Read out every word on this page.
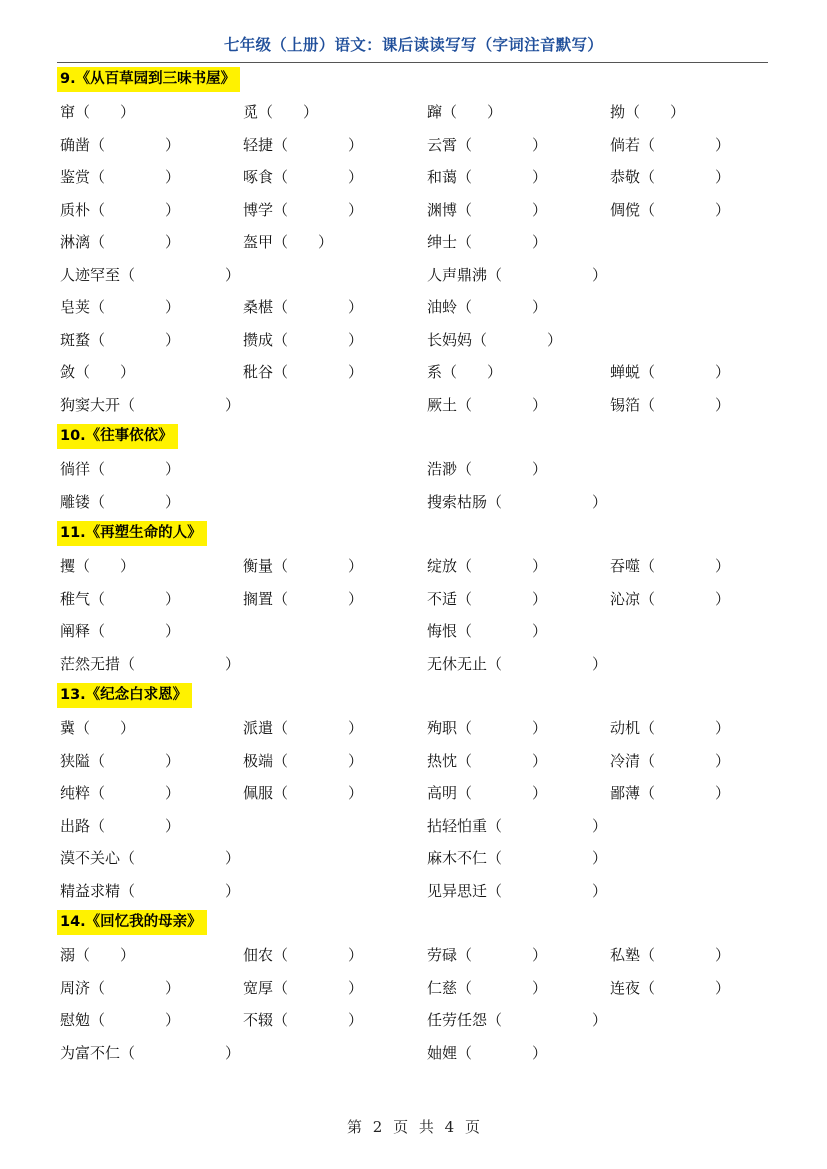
七年级（上册）语文：课后读读写写（字词注音默写）
9.《从百草园到三味书屋》
窜（　　 ）	觅（　　 ）	蹿（　　 ）	拗（　　 ）
确凿（　　　　	）	轻捷（　　　　	）	云霄（　　　　	）	倘若（　　　　	）
鉴赏（　　　　	）	啄食（　　　　	）	和蔼（　　　　	）	恭敬（　　　　	）
质朴（　　　　	）	博学（　　　　	）	渊博（　　　　	）	倜傥（　　　　	）
淋漓（　　　　	）	盔甲（　　 ）	绅士（　　　　	）
人迹罕至（　　　　　　	）	人声鼎沸（　　　　　　	）
皂荚（　　　　	）	桑椹（　　　　	）	油蛉（　　　　	）
斑蝥（　　　　	）	攒成（　　　　	）	长妈妈（　　　　	）
敛（　　 ）	秕谷（　　　　	）	系（　　 ）	蝉蜕（　　　　	）
狗窦大开（　　　　　　	）	厥土（　　　　	）	锡箔（　　　　	）
10.《往事依依》
徜徉（　　　　	）	浩渺（　　　　	）
雕镂（　　　　	）	搜索枯肠（　　　　　　	）
11.《再塑生命的人》
攫（　　 ）	衡量（　　　　	）	绽放（　　　　	）	吞噬（　　　　	）
稚气（　　　　	）	搁置（　　　　	）	不适（　　　　	）	沁凉（　　　　	）
阐释（　　　　	）	悔恨（　　　　	）
茫然无措（　　　　　　	）	无休无止（　　　　　　	）
13.《纪念白求恩》
冀（　　 ）	派遣（　　　　	）	殉职（　　　　	）	动机（　　　　	）
狭隘（　　　　	）	极端（　　　　	）	热忱（　　　　	）	冷清（　　　　	）
纯粹（　　　　	）	佩服（　　　　	）	高明（　　　　	）	鄙薄（　　　　	）
出路（　　　　	）	拈轻怕重（　　　　　　	）
漠不关心（　　　　　　	）	麻木不仁（　　　　　　	）
精益求精（　　　　　　	）	见异思迁（　　　　　　	）
14.《回忆我的母亲》
溺（　　 ）	佃农（　　　　	）	劳碌（　　　　	）	私塾（　　　　	）
周济（　　　　	）	宽厚（　　　　	）	仁慈（　　　　	）	连夜（　　　　	）
慰勉（　　　　	）	不辍（　　　　	）	任劳任怨（　　　　　　	）
为富不仁（　　　　　　	）	妯娌（　　　　	）
第 2 页 共 4 页
